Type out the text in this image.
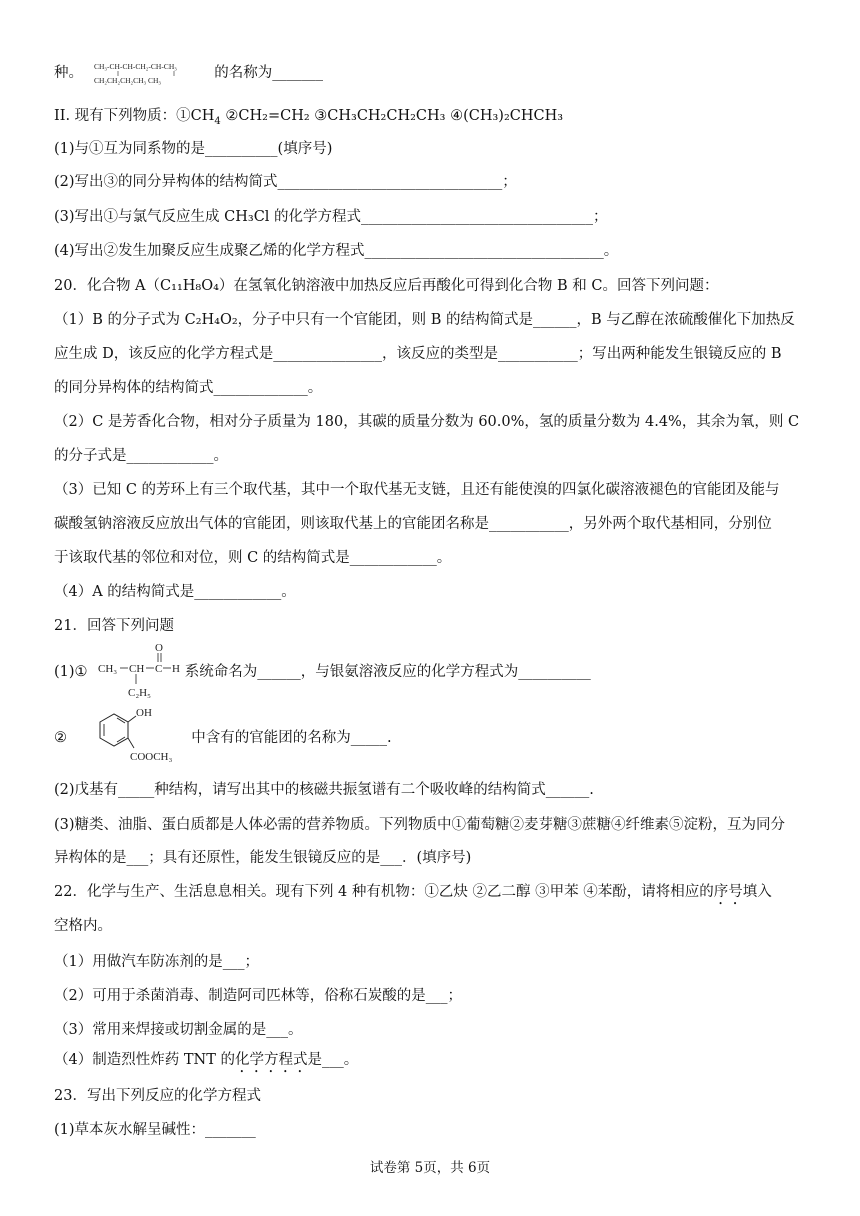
种。 CH₃-CH-CH-CH₂-CH-CH₃
CH₂CH₂CH₂CH₃ CH₃	的名称为_______
II. 现有下列物质：$①CH_4$ ②CH₂=CH₂ ③CH₃CH₂CH₂CH₃ ④(CH₃)₂CHCH₃
(1)与①互为同系物的是__________(填序号)
(2)写出③的同分异构体的结构简式_______________________________；
(3)写出①与氯气反应生成 CH₃Cl 的化学方程式________________________________；
(4)写出②发生加聚反应生成聚乙烯的化学方程式_________________________________。
20．化合物 A（C₁₁H₈O₄）在氢氧化钠溶液中加热反应后再酸化可得到化合物 B 和 C。回答下列问题：
（1）B 的分子式为 C₂H₄O₂，分子中只有一个官能团，则 B 的结构简式是______，B 与乙醇在浓硫酸催化下加热反
应生成 D，该反应的化学方程式是_______________，该反应的类型是___________；写出两种能发生银镜反应的 B
的同分异构体的结构简式_____________。
（2）C 是芳香化合物，相对分子质量为 180，其碳的质量分数为 60.0%，氢的质量分数为 4.4%，其余为氧，则 C
的分子式是____________。
（3）已知 C 的芳环上有三个取代基，其中一个取代基无支链，且还有能使溴的四氯化碳溶液褪色的官能团及能与
碳酸氢钠溶液反应放出气体的官能团，则该取代基上的官能团名称是___________，另外两个取代基相同，分别位
于该取代基的邻位和对位，则 C 的结构简式是____________。
（4）A 的结构简式是____________。
21．回答下列问题
(1)① CH₃ CH C H
O
C₂H₅
系统命名为______，与银氨溶液反应的化学方程式为__________
②
OH
COOCH₃
中含有的官能团的名称为_____.
(2)戊基有_____种结构，请写出其中的核磁共振氢谱有二个吸收峰的结构简式______.
(3)糖类、油脂、蛋白质都是人体必需的营养物质。下列物质中①葡萄糖②麦芽糖③蔗糖④纤维素⑤淀粉，互为同分
异构体的是___；具有还原性，能发生银镜反应的是___．(填序号)
22．化学与生产、生活息息相关。现有下列 4 种有机物：①乙炔 ②乙二醇 ③甲苯 ④苯酚，请将相应的序号填入
空格内。
（1）用做汽车防冻剂的是___；
（2）可用于杀菌消毒、制造阿司匹林等，俗称石炭酸的是___；
（3）常用来焊接或切割金属的是___。
（4）制造烈性炸药 TNT 的化学方程式是___。
23．写出下列反应的化学方程式
(1)草本灰水解呈碱性：_______
试卷第 5页，共 6页
